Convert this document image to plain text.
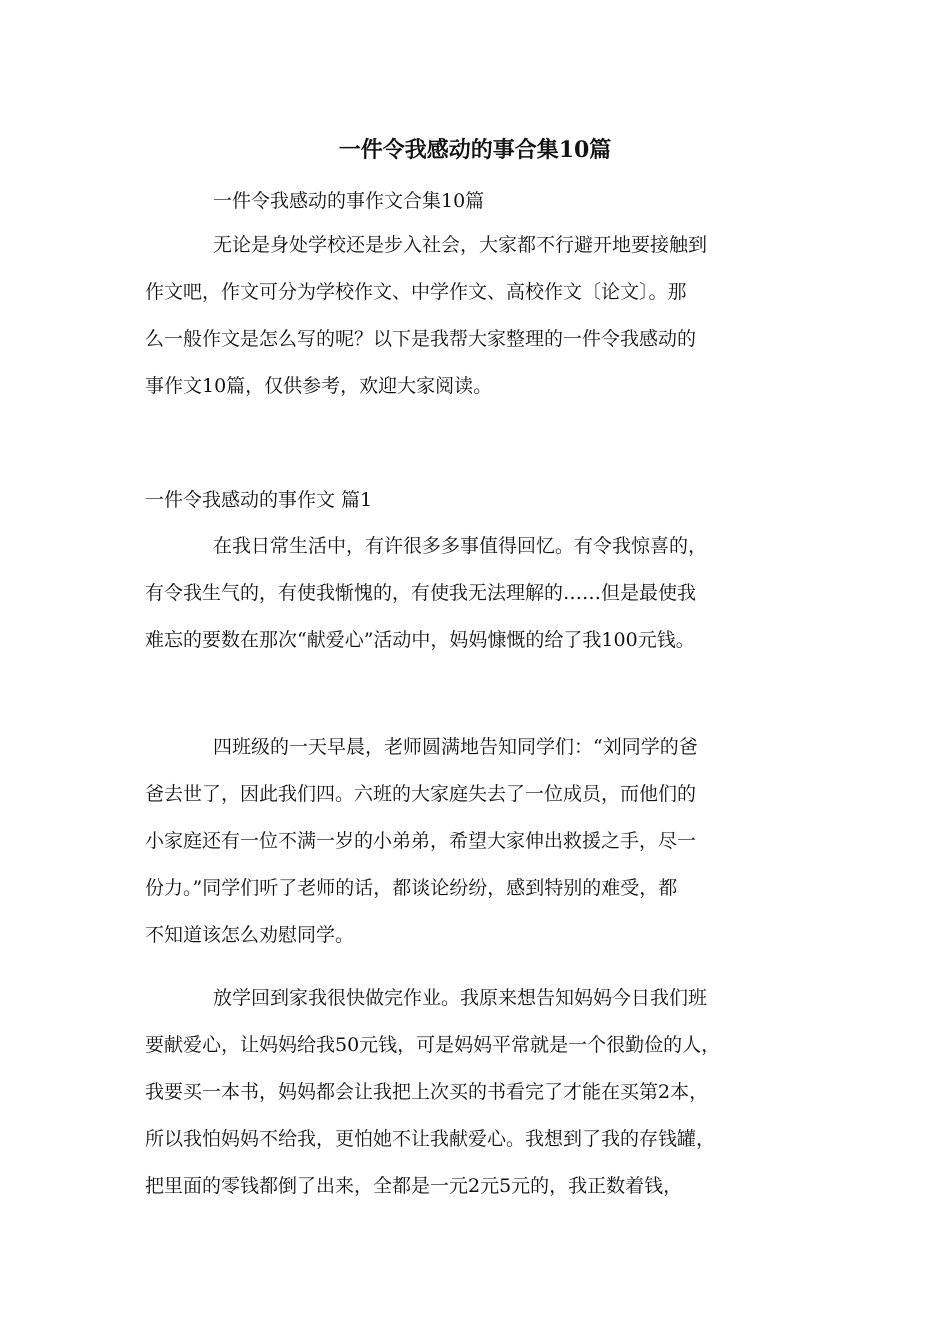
一件令我感动的事合集10篇
一件令我感动的事作文合集10篇

无论是身处学校还是步入社会，大家都不行避开地要接触到
作文吧，作文可分为学校作文、中学作文、高校作文〔论文〕。那
么一般作文是怎么写的呢？以下是我帮大家整理的一件令我感动的
事作文10篇，仅供参考，欢迎大家阅读。

一件令我感动的事作文 篇1

在我日常生活中，有许很多多事值得回忆。有令我惊喜的，
有令我生气的，有使我惭愧的，有使我无法理解的……但是最使我
难忘的要数在那次“献爱心”活动中，妈妈慷慨的给了我100元钱。

四班级的一天早晨，老师圆满地告知同学们：“刘同学的爸
爸去世了，因此我们四。六班的大家庭失去了一位成员，而他们的
小家庭还有一位不满一岁的小弟弟，希望大家伸出救援之手，尽一
份力。”同学们听了老师的话，都谈论纷纷，感到特别的难受，都
不知道该怎么劝慰同学。

放学回到家我很快做完作业。我原来想告知妈妈今日我们班
要献爱心，让妈妈给我50元钱，可是妈妈平常就是一个很勤俭的人，
我要买一本书，妈妈都会让我把上次买的书看完了才能在买第2本，
所以我怕妈妈不给我，更怕她不让我献爱心。我想到了我的存钱罐，
把里面的零钱都倒了出来，全都是一元2元5元的，我正数着钱，
